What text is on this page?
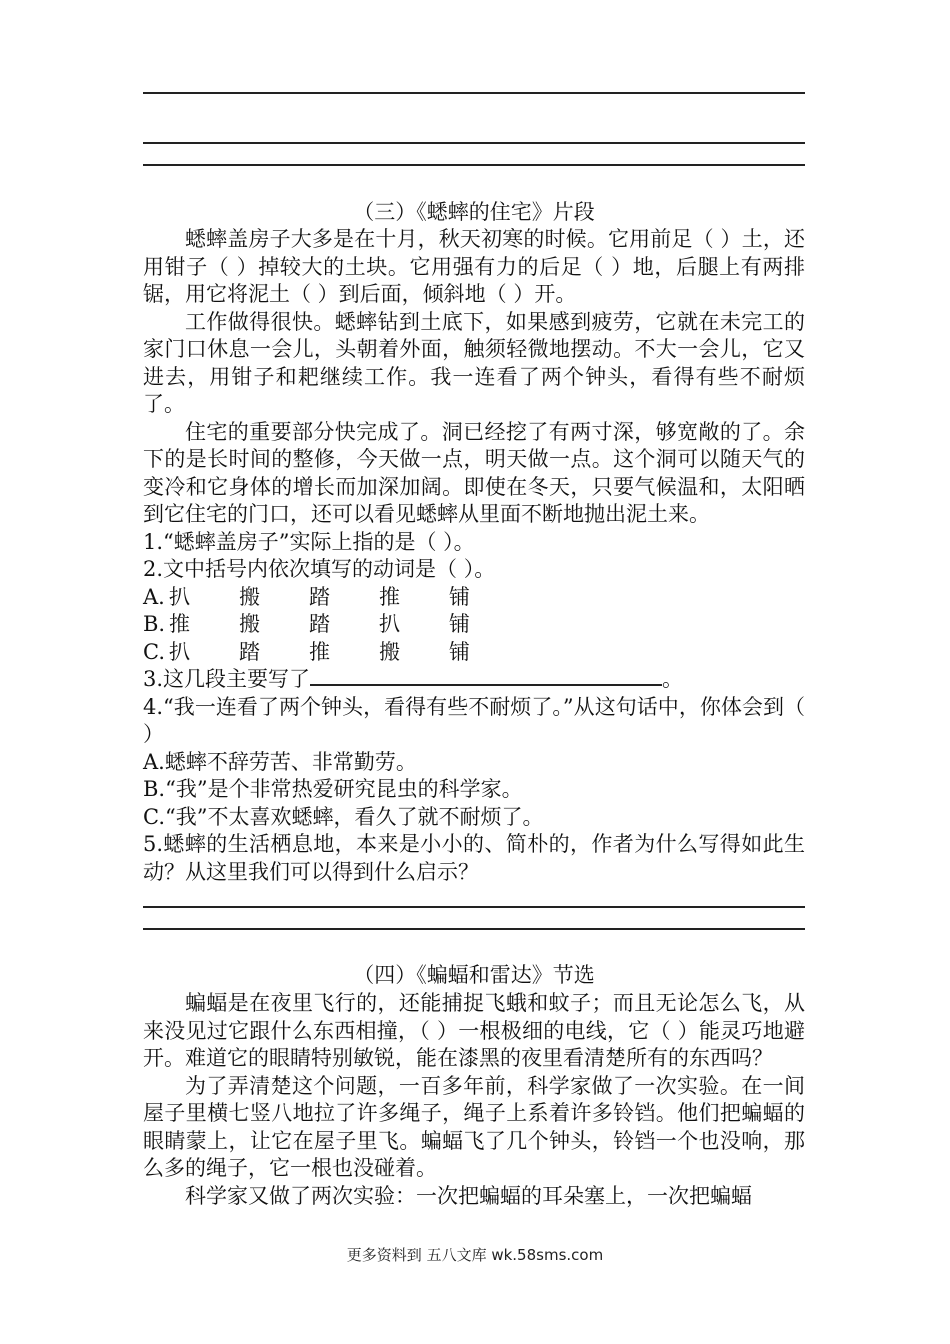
（三）《蟋蟀的住宅》片段

蟋蟀盖房子大多是在十月，秋天初寒的时候。它用前足（ ）土，还用钳子（ ）掉较大的土块。它用强有力的后足（ ）地，后腿上有两排锯，用它将泥土（ ）到后面，倾斜地（ ）开。

工作做得很快。蟋蟀钻到土底下，如果感到疲劳，它就在未完工的家门口休息一会儿，头朝着外面，触须轻微地摆动。不大一会儿，它又进去，用钳子和耙继续工作。我一连看了两个钟头，看得有些不耐烦了。

住宅的重要部分快完成了。洞已经挖了有两寸深，够宽敞的了。余下的是长时间的整修，今天做一点，明天做一点。这个洞可以随天气的变冷和它身体的增长而加深加阔。即使在冬天，只要气候温和，太阳晒到它住宅的门口，还可以看见蟋蟀从里面不断地抛出泥土来。

1.“蟋蟀盖房子”实际上指的是（ ）。

2.文中括号内依次填写的动词是（ ）。

A. 扒 搬 踏 推 铺

B. 推 搬 踏 扒 铺

C. 扒 踏 推 搬 铺

3.这几段主要写了	。

4.“我一连看了两个钟头，看得有些不耐烦了。”从这句话中，你体会到（ ）

A.蟋蟀不辞劳苦、非常勤劳。

B.“我”是个非常热爱研究昆虫的科学家。

C.“我”不太喜欢蟋蟀，看久了就不耐烦了。

5.蟋蟀的生活栖息地，本来是小小的、简朴的，作者为什么写得如此生动？从这里我们可以得到什么启示？

（四）《蝙蝠和雷达》节选

蝙蝠是在夜里飞行的，还能捕捉飞蛾和蚊子；而且无论怎么飞，从来没见过它跟什么东西相撞，（ ）一根极细的电线，它（ ）能灵巧地避开。难道它的眼睛特别敏锐，能在漆黑的夜里看清楚所有的东西吗？

为了弄清楚这个问题，一百多年前，科学家做了一次实验。在一间屋子里横七竖八地拉了许多绳子，绳子上系着许多铃铛。他们把蝙蝠的眼睛蒙上，让它在屋子里飞。蝙蝠飞了几个钟头，铃铛一个也没响，那么多的绳子，它一根也没碰着。

科学家又做了两次实验：一次把蝙蝠的耳朵塞上，一次把蝙蝠

更多资料到 五八文库 wk.58sms.com
